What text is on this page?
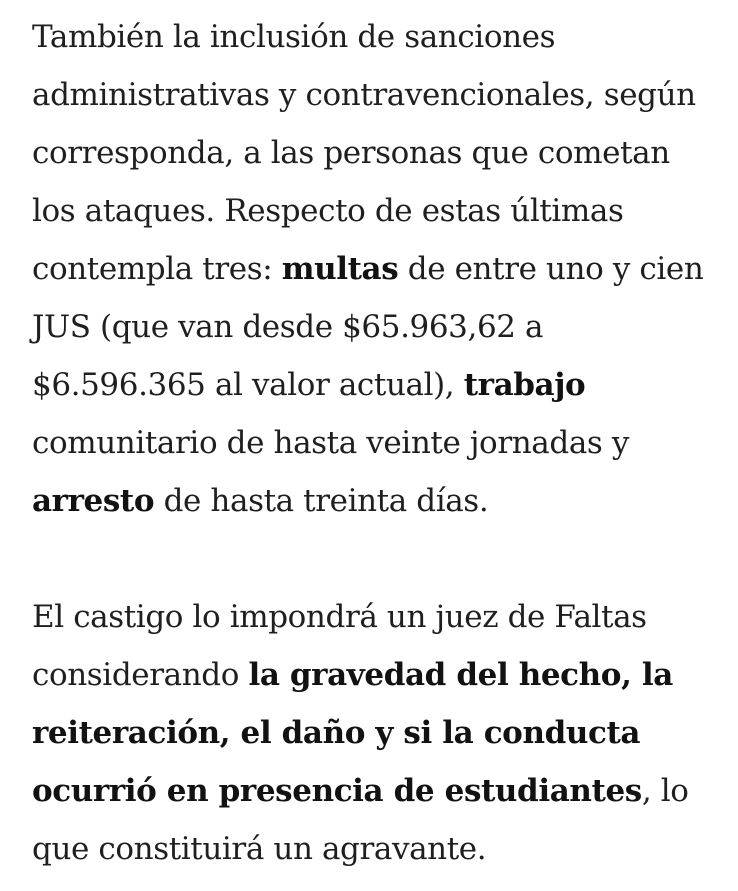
También la inclusión de sanciones administrativas y contravencionales, según corresponda, a las personas que cometan los ataques. Respecto de estas últimas contempla tres: multas de entre uno y cien JUS (que van desde $65.963,62 a $6.596.365 al valor actual), trabajo comunitario de hasta veinte jornadas y arresto de hasta treinta días.

El castigo lo impondrá un juez de Faltas considerando la gravedad del hecho, la reiteración, el daño y si la conducta ocurrió en presencia de estudiantes, lo que constituirá un agravante.
